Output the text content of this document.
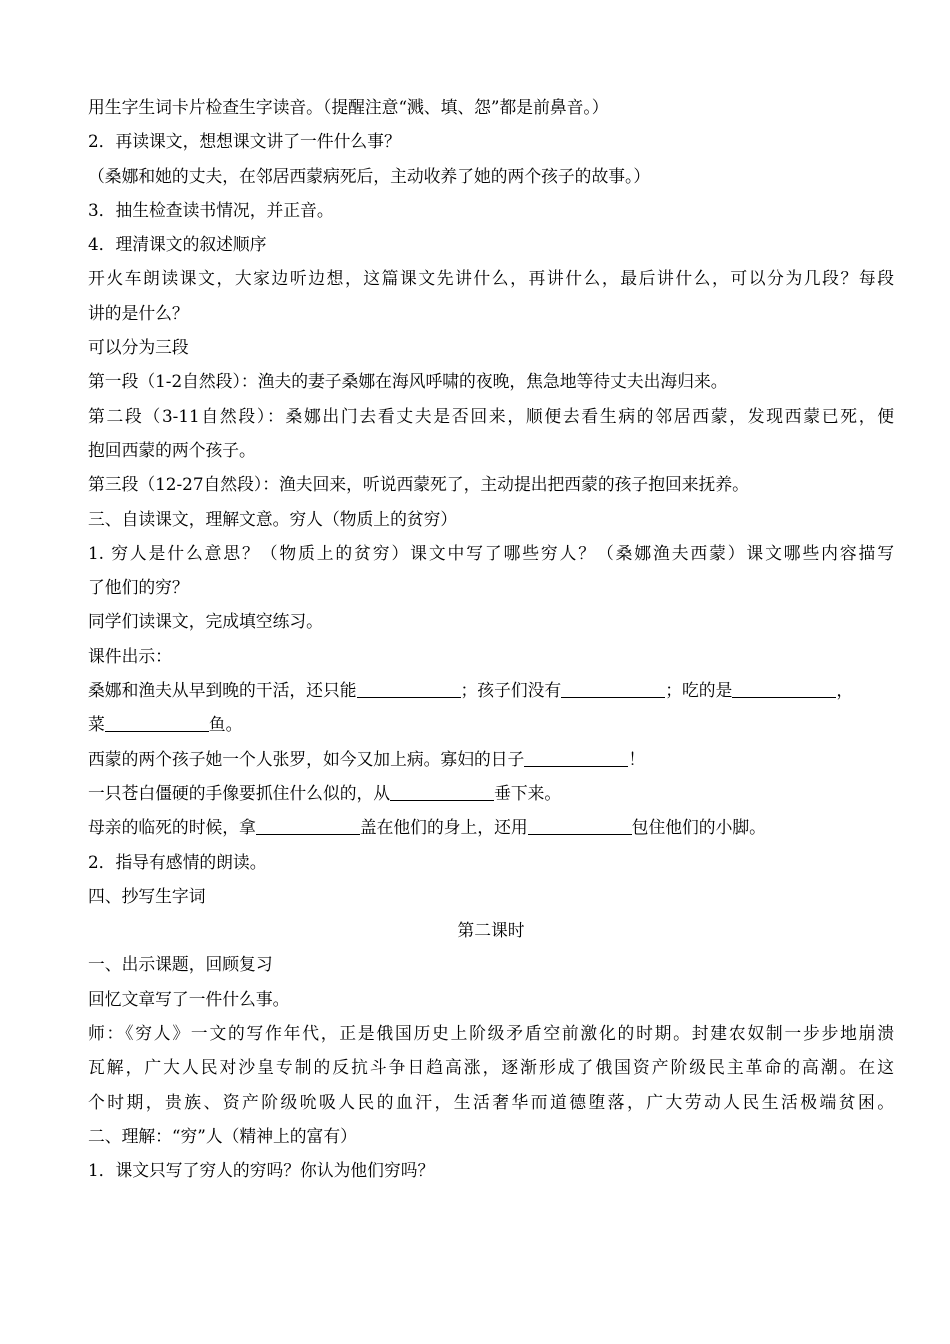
用生字生词卡片检查生字读音。（提醒注意“溅、填、怨”都是前鼻音。）
2．再读课文，想想课文讲了一件什么事？
（桑娜和她的丈夫，在邻居西蒙病死后，主动收养了她的两个孩子的故事。）
3．抽生检查读书情况，并正音。
4．理清课文的叙述顺序
开火车朗读课文，大家边听边想，这篇课文先讲什么，再讲什么，最后讲什么，可以分为几段？每段
讲的是什么？
可以分为三段
第一段（1-2自然段）：渔夫的妻子桑娜在海风呼啸的夜晚，焦急地等待丈夫出海归来。
第二段（3-11自然段）：桑娜出门去看丈夫是否回来，顺便去看生病的邻居西蒙，发现西蒙已死，便
抱回西蒙的两个孩子。
第三段（12-27自然段）：渔夫回来，听说西蒙死了，主动提出把西蒙的孩子抱回来抚养。
三、自读课文，理解文意。穷人（物质上的贫穷）
1. 穷人是什么意思？（物质上的贫穷）课文中写了哪些穷人？（桑娜渔夫西蒙）课文哪些内容描写
了他们的穷？
同学们读课文，完成填空练习。
课件出示：
桑娜和渔夫从早到晚的干活，还只能	；孩子们没有	；吃的是	，
菜	鱼。
西蒙的两个孩子她一个人张罗，如今又加上病。寡妇的日子	！
一只苍白僵硬的手像要抓住什么似的，从	垂下来。
母亲的临死的时候，拿	盖在他们的身上，还用	包住他们的小脚。
2．指导有感情的朗读。
四、抄写生字词
第二课时
一、出示课题，回顾复习
回忆文章写了一件什么事。
师：《穷人》一文的写作年代，正是俄国历史上阶级矛盾空前激化的时期。封建农奴制一步步地崩溃
瓦解，广大人民对沙皇专制的反抗斗争日趋高涨，逐渐形成了俄国资产阶级民主革命的高潮。在这
个时期，贵族、资产阶级吮吸人民的血汗，生活奢华而道德堕落，广大劳动人民生活极端贫困。
二、理解：“穷”人（精神上的富有）
1．课文只写了穷人的穷吗？你认为他们穷吗？
